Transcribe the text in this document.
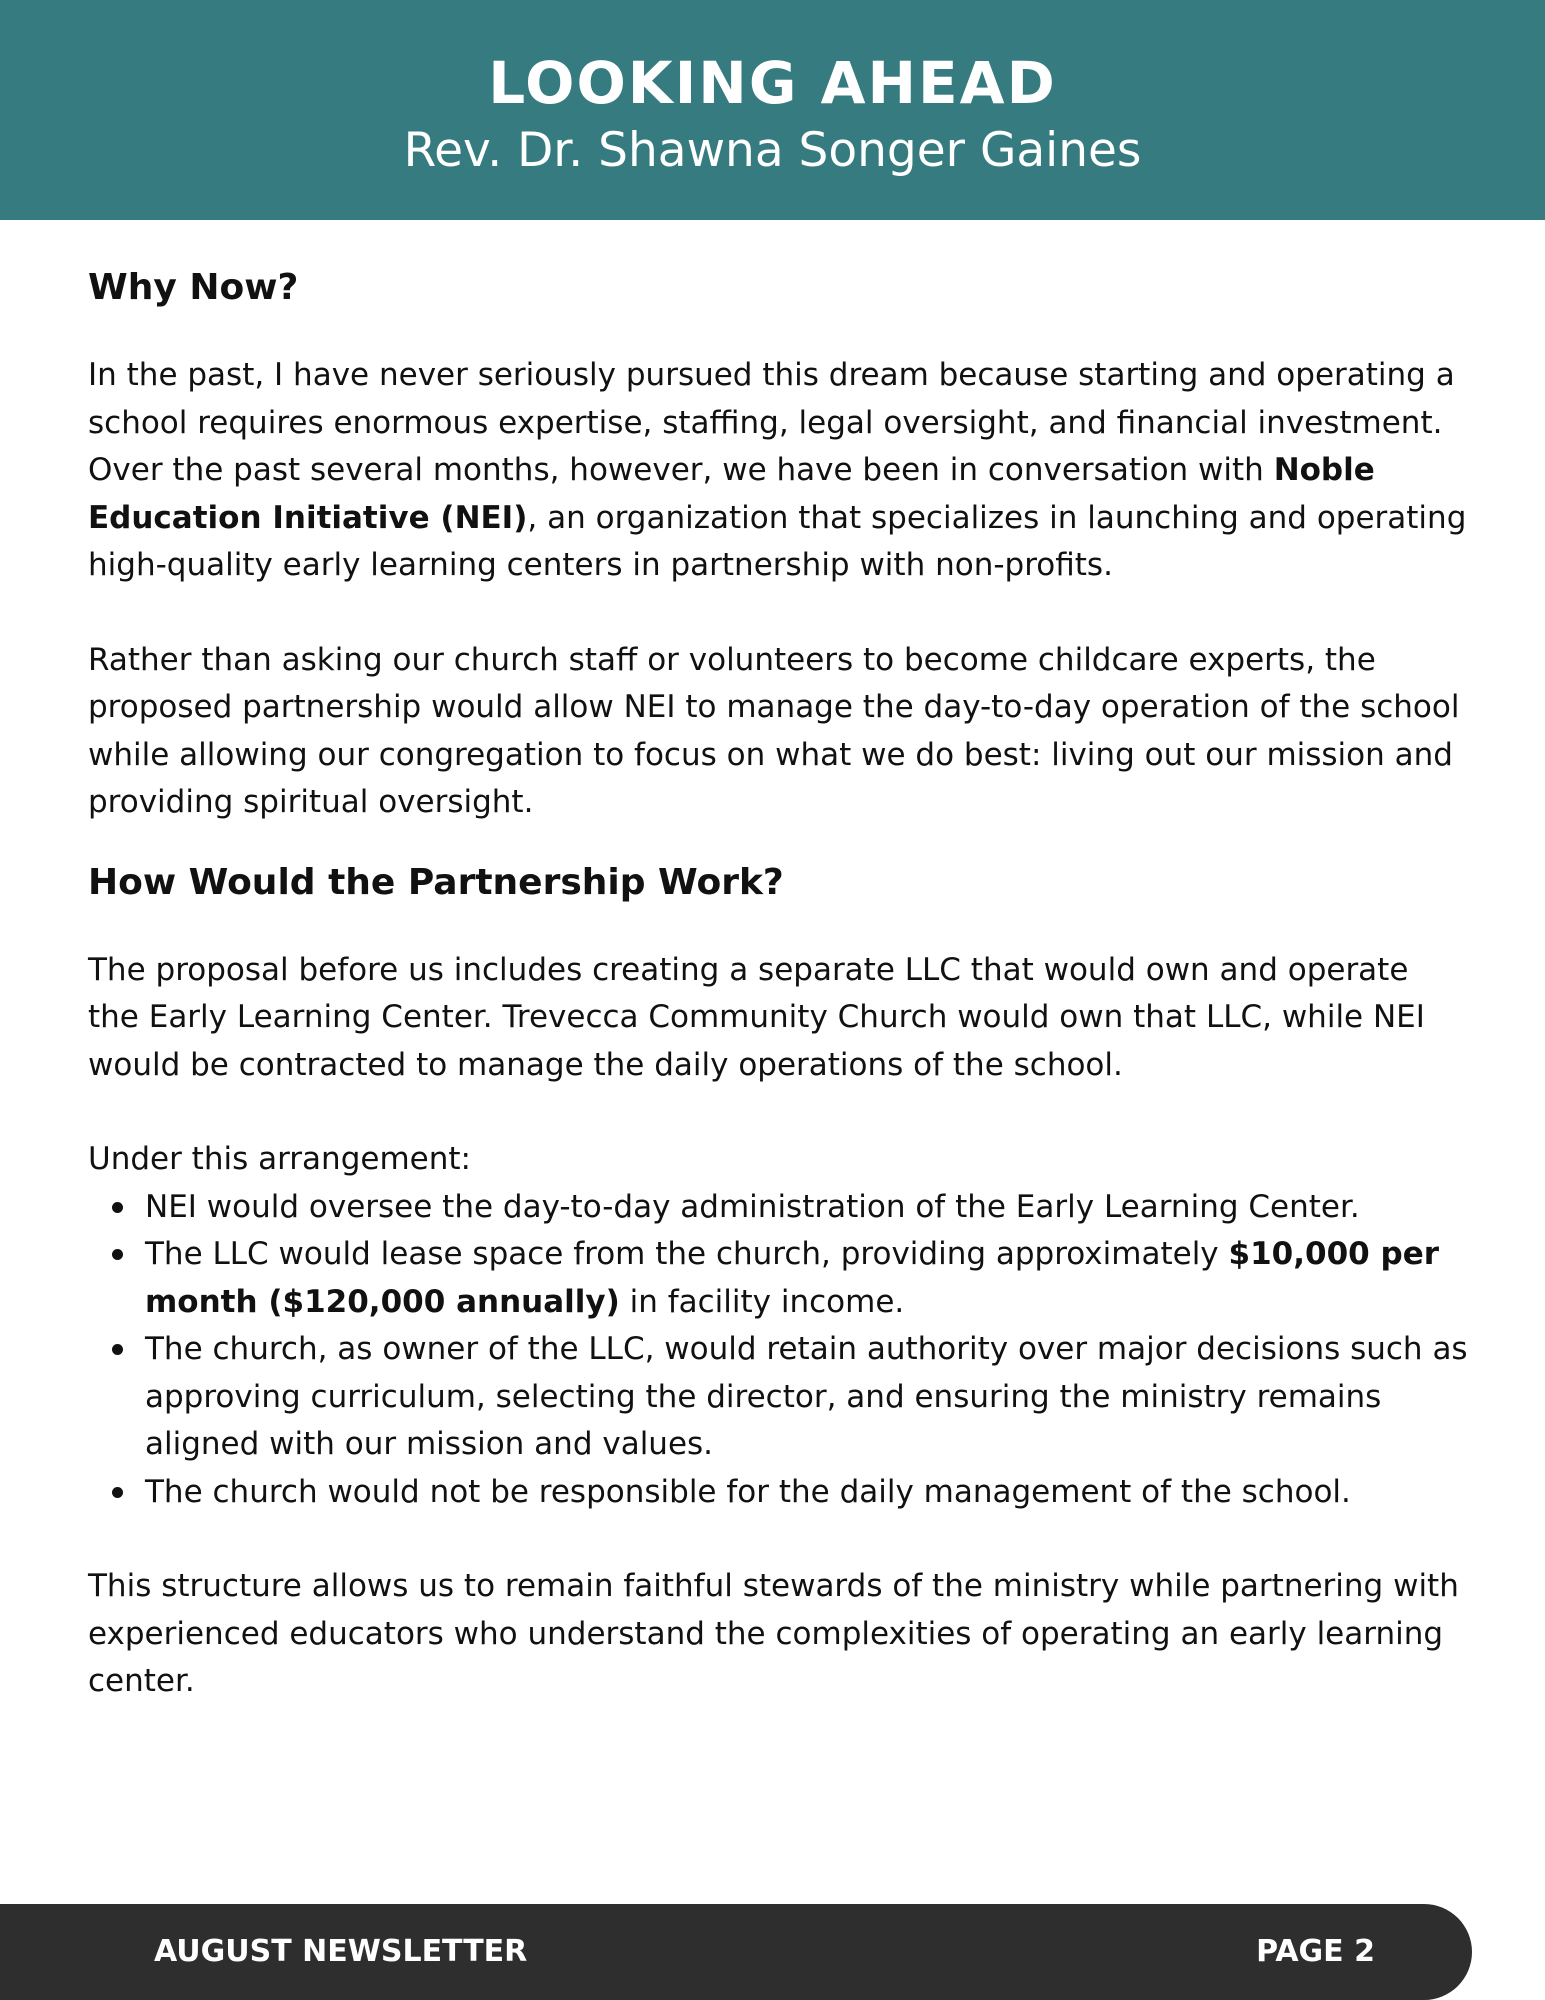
LOOKING AHEAD
Rev. Dr. Shawna Songer Gaines
Why Now?

In the past, I have never seriously pursued this dream because starting and operating a school requires enormous expertise, staffing, legal oversight, and financial investment. Over the past several months, however, we have been in conversation with Noble Education Initiative (NEI), an organization that specializes in launching and operating high-quality early learning centers in partnership with non-profits.

Rather than asking our church staff or volunteers to become childcare experts, the proposed partnership would allow NEI to manage the day-to-day operation of the school while allowing our congregation to focus on what we do best: living out our mission and providing spiritual oversight.

How Would the Partnership Work?

The proposal before us includes creating a separate LLC that would own and operate the Early Learning Center. Trevecca Community Church would own that LLC, while NEI would be contracted to manage the daily operations of the school.

Under this arrangement:

NEI would oversee the day-to-day administration of the Early Learning Center.
The LLC would lease space from the church, providing approximately $10,000 per month ($120,000 annually) in facility income.
The church, as owner of the LLC, would retain authority over major decisions such as approving curriculum, selecting the director, and ensuring the ministry remains aligned with our mission and values.
The church would not be responsible for the daily management of the school.

This structure allows us to remain faithful stewards of the ministry while partnering with experienced educators who understand the complexities of operating an early learning center.

AUGUST NEWSLETTER	PAGE 2
